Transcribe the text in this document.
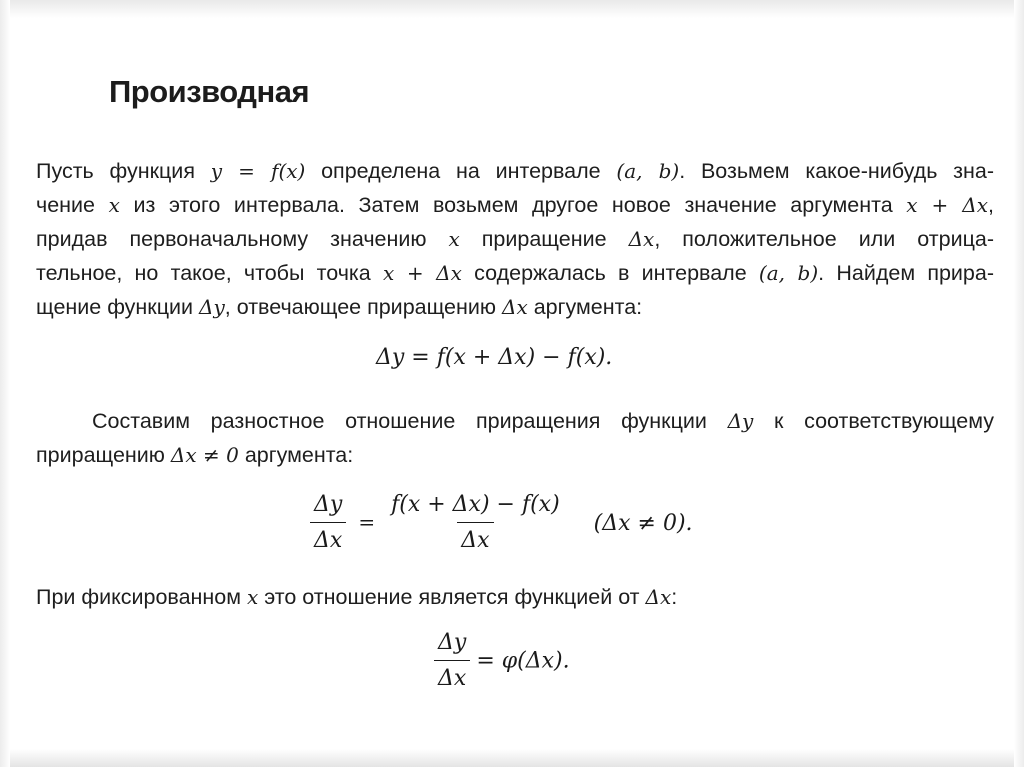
Производная
Пусть функция y = f(x) определена на интервале (a, b). Возьмем какое-нибудь зна-
чение x из этого интервала. Затем возьмем другое новое значение аргумента x + Δx,
придав первоначальному значению x приращение Δx, положительное или отрица-
тельное, но такое, чтобы точка x + Δx содержалась в интервале (a, b). Найдем прира-
щение функции Δy, отвечающее приращению Δx аргумента:
Δy = f(x + Δx) − f(x).
Составим разностное отношение приращения функции Δy к соответствующему
приращению Δx ≠ 0 аргумента:
$\frac{\Delta y}{\Delta x} = \frac{f(x + \Delta x) - f(x)}{\Delta x} (\Delta x \ne 0)$.
При фиксированном x это отношение является функцией от Δx:
$\frac{\Delta y}{\Delta x} = \varphi(\Delta x)$.
